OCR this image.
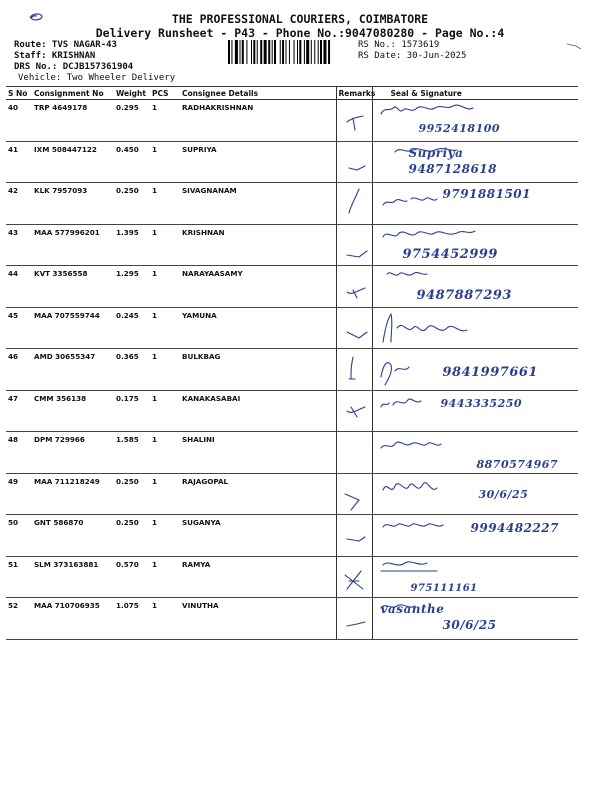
THE PROFESSIONAL COURIERS, COIMBATORE
Delivery Runsheet - P43 - Phone No.:9047080280 - Page No.:4
Route: TVS NAGAR-43
Staff: KRISHNAN
DRS No.: DCJB157361904
Vehicle: Two Wheeler Delivery
RS No.: 1573619
RS Date: 30-Jun-2025
S No	Consignment No	Weight	PCS	Consignee Details	Remarks	Seal & Signature
40	TRP 4649178	0.295	1	RADHAKRISHNAN		9952418100

41	IXM 508447122	0.450	1	SUPRIYA		Supriya
9487128618

42	KLK 7957093	0.250	1	SIVAGNANAM		9791881501

43	MAA 577996201	1.395	1	KRISHNAN		9754452999

44	KVT 3356558	1.295	1	NARAYAASAMY		9487887293

45	MAA 707559744	0.245	1	YAMUNA	

46	AMD 30655347	0.365	1	BULKBAG		9841997661

47	CMM 356138	0.175	1	KANAKASABAI		9443335250

48	DPM 729966	1.585	1	SHALINI		8870574967

49	MAA 711218249	0.250	1	RAJAGOPAL		30/6/25

50	GNT 586870	0.250	1	SUGANYA		9994482227

51	SLM 373163881	0.570	1	RAMYA		975111161

52	MAA 710706935	1.075	1	VINUTHA		vasanthe
30/6/25
